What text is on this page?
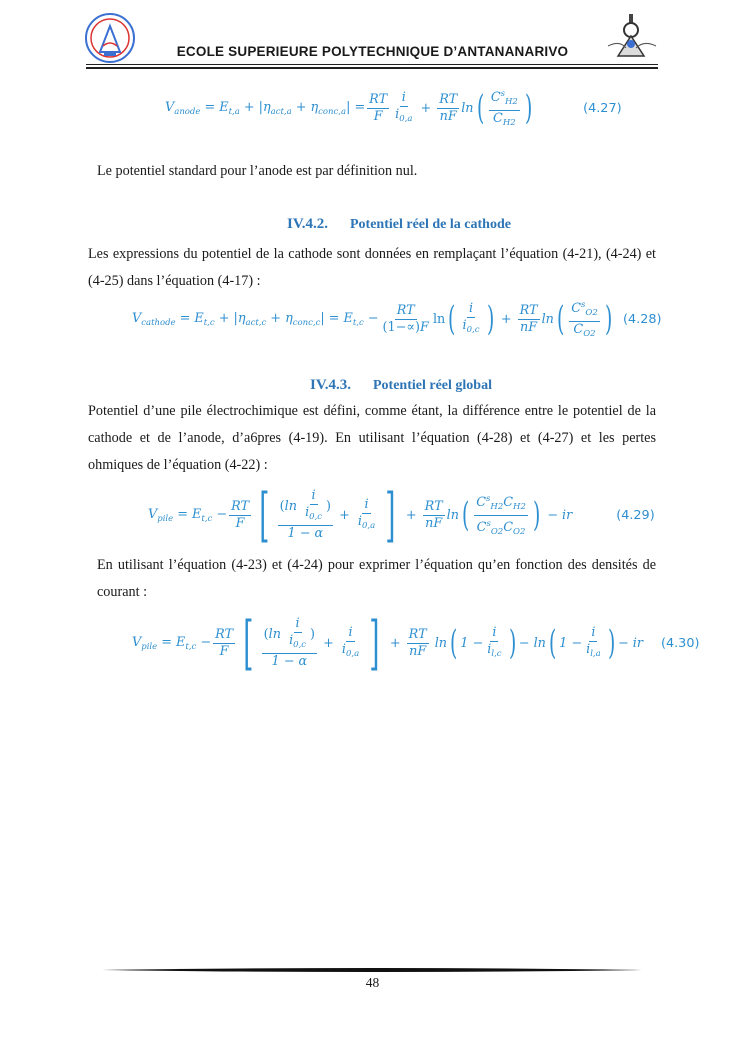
ECOLE SUPERIEURE POLYTECHNIQUE D’ANTANANARIVO
$V_{anode} = E_{t,a} + |\eta_{act,a} + \eta_{conc,a}| = \frac{RT}{F} \frac{i}{i_{0,a}} + \frac{RT}{nF}$ ln ( $\frac{C^s_{H2}}{C_{H2}}$ )	(4.27)
Le potentiel standard pour l’anode est par définition nul.
IV.4.2. Potentiel réel de la cathode
Les expressions du potentiel de la cathode sont données en remplaçant l’équation (4-21), (4-24) et (4-25) dans l’équation (4-17) :
$V_{cathode} = E_{t,c} + |\eta_{act,c} + \eta_{conc,c}| = E_{t,c} - \frac{RT}{(1-\propto)F}$ ln ( $\frac{i}{i_{0,c}}$ ) + $\frac{RT}{nF}$ ln ( $\frac{C^s_{O2}}{C_{O2}}$ ) (4.28)
IV.4.3. Potentiel réel global
Potentiel d’une pile électrochimique est défini, comme étant, la différence entre le potentiel de la cathode et de l’anode, d’a6pres (4-19). En utilisant l’équation (4-28) et (4-27) et les pertes ohmiques de l’équation (4-22) :
$V_{pile} = E_{t,c} - \frac{RT}{F}$ [ $\frac{(\ln \frac{i}{i_{0,c}} )}{1 - \alpha} + \frac{i}{i_{0,a}}$ ] + $\frac{RT}{nF}$ ln ( $\frac{C^s_{H2}C_{H2}}{C^s_{O2}C_{O2}}$ ) − ir	(4.29)
En utilisant l’équation (4-23) et (4-24) pour exprimer l’équation qu’en fonction des densités de courant :
$V_{pile} = E_{t,c} - \frac{RT}{F}$ [ $\frac{(\ln \frac{i}{i_{0,c}} )}{1 - \alpha} + \frac{i}{i_{0,a}}$ ] + $\frac{RT}{nF}$ ln ( $1 - \frac{i}{i_{l,c}}$ ) − ln ( $1 - \frac{i}{i_{l,a}}$ ) − ir (4.30)
48
